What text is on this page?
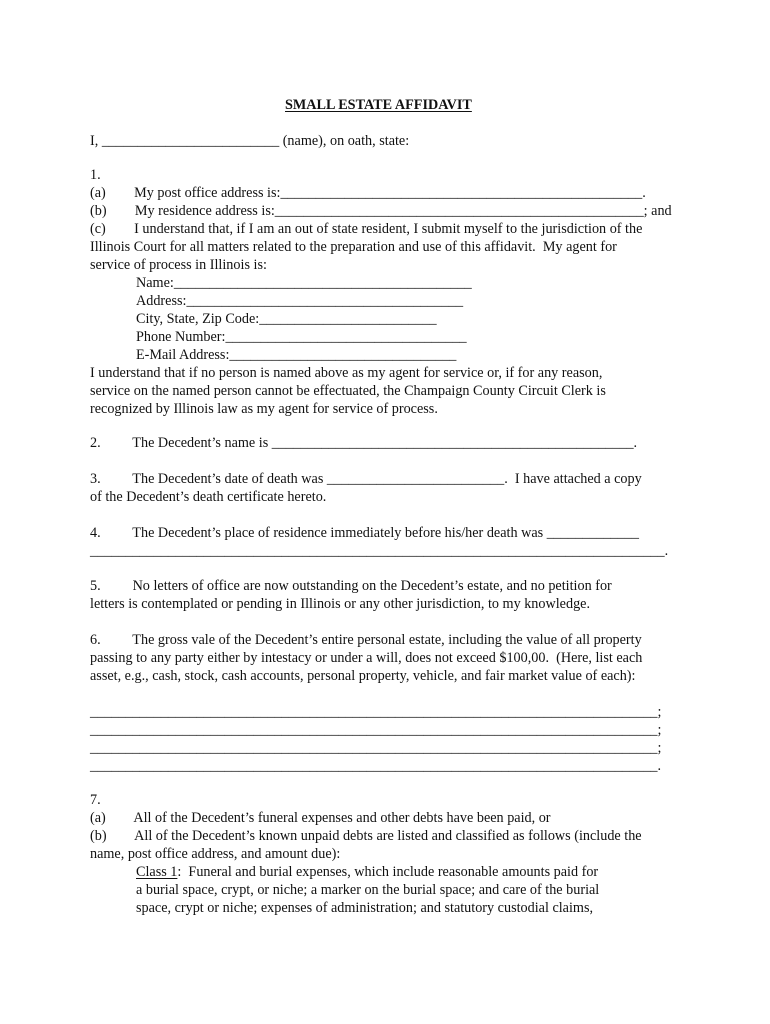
SMALL ESTATE AFFIDAVIT
I, _________________________ (name), on oath, state:
1.
(a)        My post office address is:___________________________________________________.
(b)        My residence address is:____________________________________________________; and
(c)        I understand that, if I am an out of state resident, I submit myself to the jurisdiction of the
Illinois Court for all matters related to the preparation and use of this affidavit.  My agent for
service of process in Illinois is:
Name:__________________________________________
Address:_______________________________________
City, State, Zip Code:_________________________
Phone Number:__________________________________
E-Mail Address:________________________________
I understand that if no person is named above as my agent for service or, if for any reason,
service on the named person cannot be effectuated, the Champaign County Circuit Clerk is
recognized by Illinois law as my agent for service of process.
2.         The Decedent’s name is ___________________________________________________.
3.         The Decedent’s date of death was _________________________.  I have attached a copy
of the Decedent’s death certificate hereto.
4.         The Decedent’s place of residence immediately before his/her death was _____________
_________________________________________________________________________________.
5.         No letters of office are now outstanding on the Decedent’s estate, and no petition for
letters is contemplated or pending in Illinois or any other jurisdiction, to my knowledge.
6.         The gross vale of the Decedent’s entire personal estate, including the value of all property
passing to any party either by intestacy or under a will, does not exceed $100,00.  (Here, list each
asset, e.g., cash, stock, cash accounts, personal property, vehicle, and fair market value of each):
________________________________________________________________________________;
________________________________________________________________________________;
________________________________________________________________________________;
________________________________________________________________________________.
7.
(a)        All of the Decedent’s funeral expenses and other debts have been paid, or
(b)        All of the Decedent’s known unpaid debts are listed and classified as follows (include the
name, post office address, and amount due):
Class 1:  Funeral and burial expenses, which include reasonable amounts paid for
a burial space, crypt, or niche; a marker on the burial space; and care of the burial
space, crypt or niche; expenses of administration; and statutory custodial claims,
